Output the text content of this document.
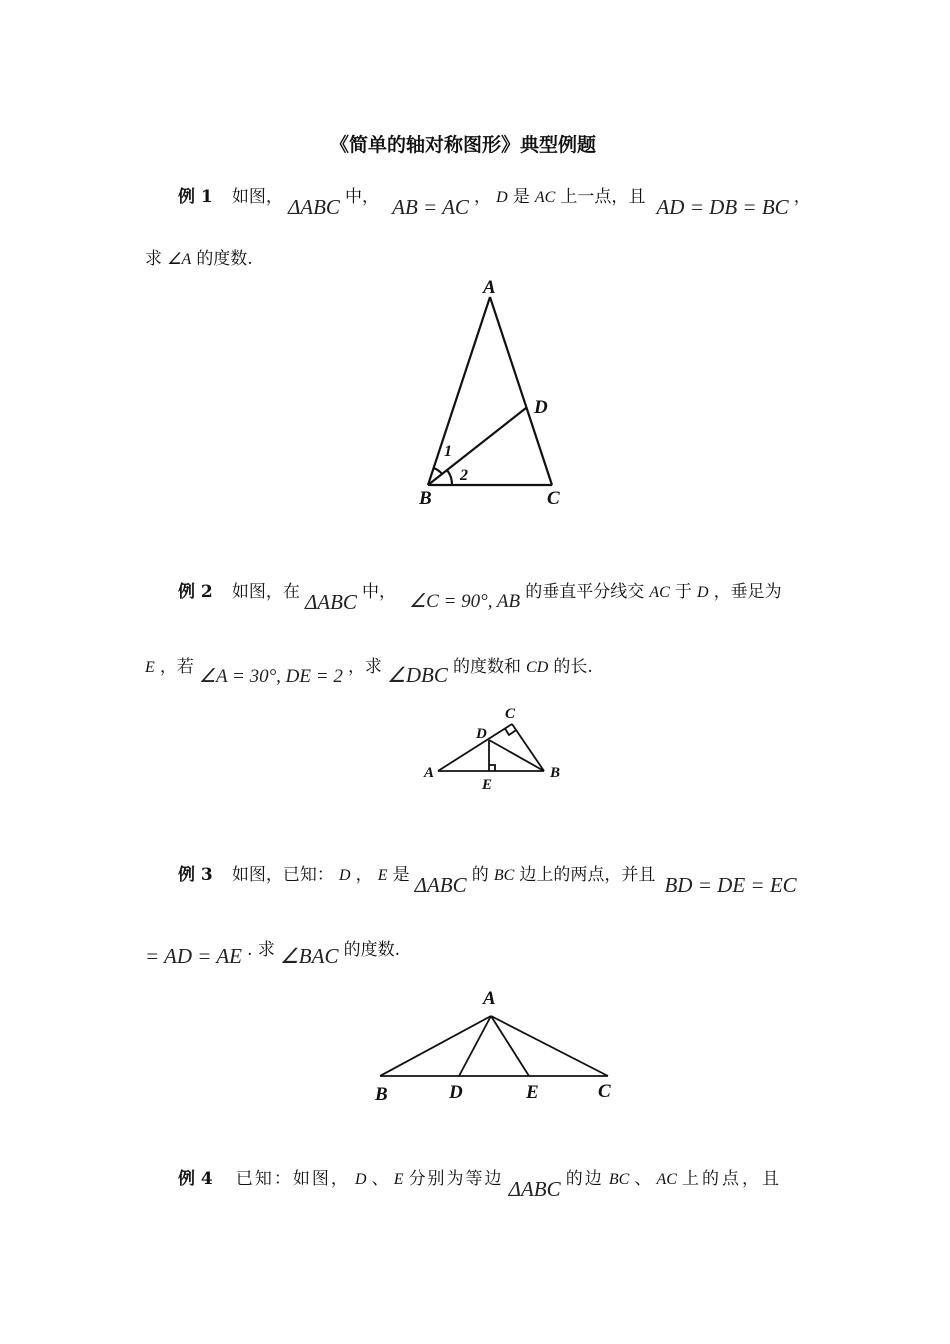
《简单的轴对称图形》典型例题
例 1 如图， ΔABC 中， AB = AC ， D 是 AC 上一点，且 AD = DB = BC ，
求 ∠A 的度数.
A
B	C
D
1
2
例 2 如图，在 ΔABC 中， ∠C = 90°, AB 的垂直平分线交 AC 于 D ，垂足为
E ，若 ∠A = 30°, DE = 2 ，求 ∠DBC 的度数和 CD 的长.
A	B
C
D
E
例 3 如图，已知： D ， E 是 ΔABC 的 BC 边上的两点，并且 BD = DE = EC
= AD = AE . 求 ∠BAC 的度数.
A
B	D	E	C
例 4 已知：如图， D 、 E 分别为等边 ΔABC 的边 BC 、 AC 上的点，且
